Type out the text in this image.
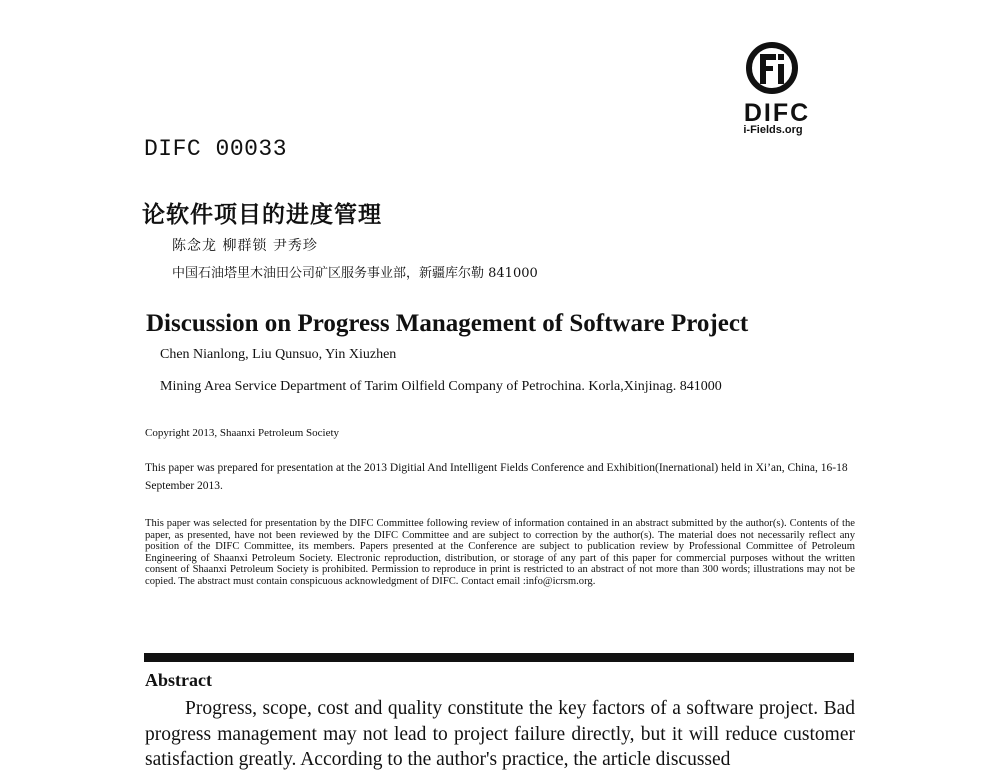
DIFC
i-Fields.org
DIFC 00033
论软件项目的进度管理
陈念龙 柳群锁 尹秀珍
中国石油塔里木油田公司矿区服务事业部，新疆库尔勒 841000
Discussion on Progress Management of Software Project
Chen Nianlong, Liu Qunsuo, Yin Xiuzhen
Mining Area Service Department of Tarim Oilfield Company of Petrochina. Korla,Xinjinag. 841000
Copyright 2013, Shaanxi Petroleum Society
This paper was prepared for presentation at the 2013 Digitial And Intelligent Fields Conference and Exhibition(Inernational) held in Xi’an, China, 16-18 September 2013.
This paper was selected for presentation by the DIFC Committee following review of information contained in an abstract submitted by the author(s). Contents of the paper, as presented, have not been reviewed by the DIFC Committee and are subject to correction by the author(s). The material does not necessarily reflect any position of the DIFC Committee, its members. Papers presented at the Conference are subject to publication review by Professional Committee of Petroleum Engineering of Shaanxi Petroleum Society. Electronic reproduction, distribution, or storage of any part of this paper for commercial purposes without the written consent of Shaanxi Petroleum Society is prohibited. Permission to reproduce in print is restricted to an abstract of not more than 300 words; illustrations may not be copied. The abstract must contain conspicuous acknowledgment of DIFC. Contact email :info@icrsm.org.
Abstract
Progress, scope, cost and quality constitute the key factors of a software project. Bad progress management may not lead to project failure directly, but it will reduce customer satisfaction greatly. According to the author's practice, the article discussed
